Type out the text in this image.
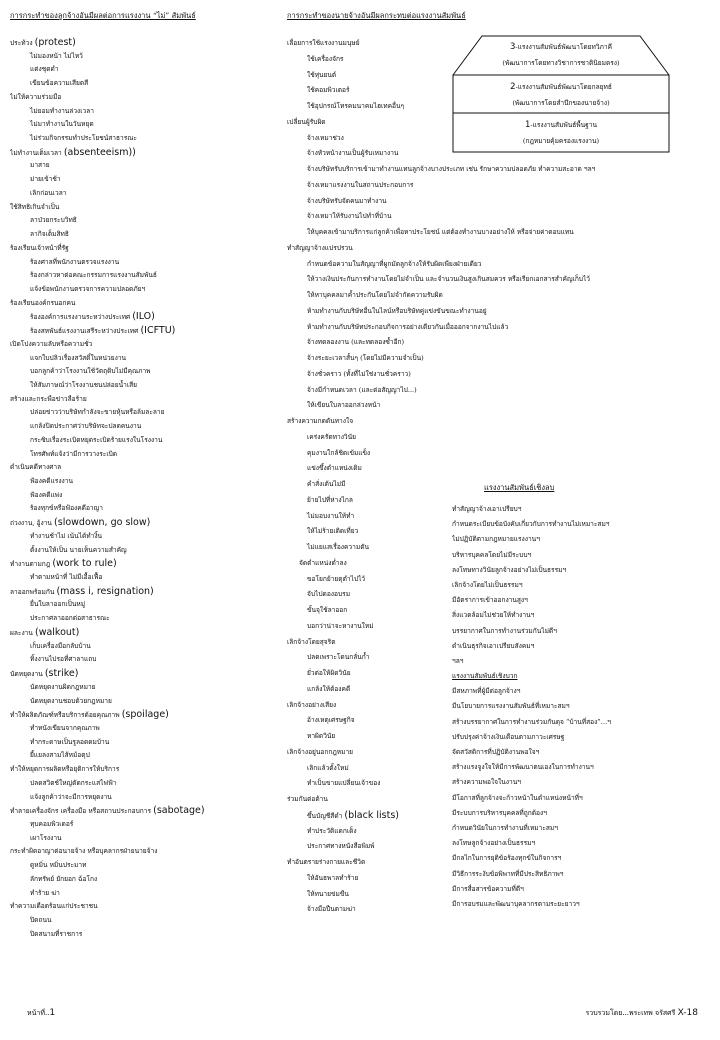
การกระทำของลูกจ้างอันมีผลต่อการแรงงาน “ไม่” สัมพันธ์
ประท้วง (protest)
ไม่มองหน้า ไม่ไหว้
แต่งชุดดำ
เขียนข้อความเสียดสี
ไม่ให้ความร่วมมือ
ไม่ยอมทำงานล่วงเวลา
ไม่มาทำงานในวันหยุด
ไม่ร่วมกิจกรรมทำประโยชน์สาธารณะ
ไม่ทำงานเต็มเวลา (absenteeism))
มาสาย
ม่ายเข้าช้า
เลิกก่อนเวลา
ใช้สิทธิเกินจำเป็น
ลาป่วยกระบวิทธิ
ลากิจเต็มสิทธิ
ร้องเรียนเจ้าหน้าที่รัฐ
ร้องศาลที่พนักงานตรวจแรงงาน
ร้องกล่าวหาต่อคณะกรรมการแรงงานสัมพันธ์
แจ้งข้อพนักงานตรวจการความปลอดภัยฯ
ร้องเรียนองค์กรนอกคน
ร้ององค์การแรงงานระหว่างประเทศ (ILO)
ร้องสหพันธ์แรงงานเสรีระหว่างประเทศ (ICFTU)
เปิดโปงความลับหรือความชั่ว
แจกใบปลิวเรื่องสวัสดิ์ในหน่วยงาน
บอกลูกค้าว่าโรงงานใช้วัตถุดิบไม่มีคุณภาพ
ให้สัมภาษณ์ว่าโรงงานชนปล่อยน้ำเสีย
สร้างและกระพือข่าวลือร้าย
ปล่อยข่าวว่าบริษัทกำลังจะขายหุ้นหรือล้มละลาย
แกล้งปิดประกาศว่าบริษัทจะปลดคนงาน
กระซิบเรื่องระเบิดหยุดระเบิดร้ายแรงในโรงงาน
โทรศัพท์แจ้งว่ามีการวางระเบิด
ดำเนินคดีทางศาล
ฟ้องคดีแรงงาน
ฟ้องคดีแพ่ง
ร้องทุกข์หรือฟ้องคดีอาญา
ถ่วงงาน, อู้งาน (slowdown, go slow)
ทำงานช้าไม่ เน้นได้ทำงิ้น
ตั้งงานให้เป็น นายเห็นความสำคัญ
ทำงานตามกฎ (work to rule)
ทำตามหน้าที่ ไม่มีเอื้อเฟื้อ
ลาออกพร้อมกัน (mass i, resignation)
ยื่นใบลาออกเป็นหมู่
ประกาศลาออกต่อสาธารณะ
ผละงาน (walkout)
เก็บเครื่องมือกลับบ้าน
ทิ้งงานไปรอที่ศาลาแถบ
นัดหยุดงาน (strike)
นัดหยุดงานผิดกฎหมาย
นัดหยุดงานชอบด้วยกฎหมาย
ทำให้ผลิตภัณฑ์หรือบริการด้อยคุณภาพ (spoilage)
ทำหนังเขียนจากคุณภาพ
ทำกระดาษเป็นรูลอดดมบ้าน
ยี้แยลงสามไส้หม้อตุป
ทำให้หยุดการผลิตหรือยุติการให้บริการ
ปลดสวิตช์ใหญ่ตัดกระแสไฟฟ้า
แจ้งลูกค้าว่าจะมีการหยุดงาน
ทำลายเครื่องจักร เครื่องมือ หรือสถานประกอบการ (sabotage)
ทุบคอมพิวเตอร์
เผาโรงงาน
กระทำผิดอาญาต่อนายจ้าง หรือบุคลากรฝ่ายนายจ้าง
ดูหมิ่น หมิ่นประมาท
ลักทรัพย์ ยักยอก ฉ้อโกง
ทำร้าย ฆ่า
ทำความเดือดร้อนแก่ประชาชน
ปิดถนน
ปิดสนามที่ราชการ
การกระทำของนายจ้างอันมีผลกระทบต่อแรงงานสัมพันธ์
เลื่อยการใช้แรงงานมนุษย์
ใช้เครื่องจักร
ใช้หุ่นยนต์
ใช้คอมพิวเตอร์
ใช้อุปกรณ์โทรคมนาคมไฮเทคอื่นๆ
เปลี่ยนผู้รับผิด
จ้างเหมาช่วง
จ้างหัวหน้างานเป็นผู้รับเหมางาน
จ้างบริษัทรับบริการเข้ามาทำงานแทนลูกจ้างบางประเภท เช่น รักษาความปลอดภัย ทำความสะอาด ฯลฯ
จ้างเหมาแรงงานในสถานประกอบการ
จ้างบริษัทรับจัดคนมาทำงาน
จ้างเหมาให้รับงานไปทำที่บ้าน
ให้บุคคลเข้ามาบริการแก่ลูกค้าเพื่อหาประโยชน์ แต่ต้องทำงานบางอย่างให้ หรือจ่ายค่าตอบแทน
ทำสัญญาจ้างแปรปรวน
กำหนดข้อความในสัญญาที่ผูกมัดลูกจ้างให้รับผิดเพียงฝ่ายเดียว
ให้วางเงินประกันการทำงานโดยไม่จำเป็น และจำนวนเงินสูงเกินสมควร หรือเรียกเอกสารสำคัญเก็บไว้
ให้หาบุคคลมาค้ำประกันโดยไม่จำกัดความรับผิด
ห้ามทำงานกับบริษัทอื่นในไลน์หรือบริษัทคู่แข่งขันขณะทำงานอยู่
ห้ามทำงานกับบริษัทประกอบกิจการอย่างเดียวกันเมื่อออกจากงานไปแล้ว
จ้างทดลองงาน (และทดลองซ้ำอีก)
จ้างระยะเวลาสั้นๆ (โดยไม่มีความจำเป็น)
จ้างชั่วคราว (ทั้งที่ไม่ใช่งานชั่วคราว)
จ้างมีกำหนดเวลา (และต่อสัญญาไป...)
ให้เขียนใบลาออกล่วงหน้า
สร้างความกดดันทางใจ
เคร่งครัดทางวินัย
คุมงานใกล้ชิดเข้มแข็ง
แข่งขึ้งตำแหน่งเดิม
คำสั่งเต้นไม่มี
ย้ายไปที่ห่างไกล
ไม่มอบงานให้ทำ
ให้ไม่ร้ายเติดเที่ยว
ไม่แยแสเรื่องความตัน
จัดตำแหน่งต่ำลง
ขอโยกย้ายตุตำไปไว้
จับไปดองอบรม
ขั้นจุใช้ลาออก
บอกว่าน่าจะหางานใหม่
เลิกจ้างโดยสุจริต
ปลดเพราะโดนกลั่นก้ำ
ยั่วต่อให้ผิดวินัย
แกล้งให้ต้องคดี
เลิกจ้างอย่างเสียง
อ้างเหตุเศรษฐกิจ
หาผิดวินัย
เลิกจ้างอยู่นอกกฎหมาย
เลิกแล้วตั้งใหม่
ทำเป็นขายแปลี่ยนเจ้าของ
ร่วมกันต่อต้าน
ขึ้นบัญชีสีดำ (black lists)
ทำประวัติแดกเด็ง
ประกาศทางหนังสือพิมพ์
ทำอันตรายร่างกายและชีวิต
ให้อันธพาลทำร้าย
ให้ทนายข่มขืน
จ้างมือปืนตามฆ่า
3-แรงงานสัมพันธ์พัฒนาโดยทวิภาคี
(พัฒนาการโดยทางวิชาการชาตินิยมตรง)
2-แรงงานสัมพันธ์พัฒนาโดยกลยุทธ์
(พัฒนาการโดยสำนึกของนายจ้าง)
1-แรงงานสัมพันธ์พื้นฐาน
(กฎหมายคุ้มครองแรงงาน)
แรงงานสัมพันธ์เชิงลบ
ทำสัญญาจ้างเอาเปรียบฯ
กำหนดระเบียบข้อบังคับเกี่ยวกับการทำงานไม่เหมาะสมฯ
ไม่ปฏิบัติตามกฎหมายแรงงานฯ
บริหารบุคคลโดยไม่มีระบบฯ
ลงโทษทางวินัยลูกจ้างอย่างไม่เป็นธรรมฯ
เลิกจ้างโดยไม่เป็นธรรมฯ
มีอัตราการเข้าออกงานสูงฯ
สิ่งแวดล้อมไม่ช่วยให้ทำงานฯ
บรรยากาศในการทำงานร่วมกันไม่ดีฯ
ดำเนินธุรกิจเอาเปรียบสังคมฯ
ฯลฯ
แรงงานสัมพันธ์เชิงบวก
มีสหภาพที่ผู้มีต่อลูกจ้างฯ
มีนโยบายการแรงงานสัมพันธ์ที่เหมาะสมฯ
สร้างบรรยากาศในการทำงานร่วมกันดุจ “บ้านที่สอง”…ฯ
ปรับปรุงค่าจ้างเงินเดือนตามภาวะเศรษฐ
จัดสวัสดิการที่ปฏิบัติงานพอใจฯ
สร้างแรงจูงใจให้มีการพัฒนาตนเองในการทำงานฯ
สร้างความพอใจในงานฯ
มีโอกาสที่ลูกจ้างจะก้าวหน้าในตำแหน่งหน้าที่ฯ
มีระบบการบริหารบุคคลที่ถูกต้องฯ
กำหนดวินัยในการทำงานที่เหมาะสมฯ
ลงโทษลูกจ้างอย่างเป็นธรรมฯ
มีกลไกในการยุติข้อร้องทุกข์ในกิจการฯ
มีวิธีการระงับข้อพิพาทที่มีประสิทธิภาพฯ
มีการสื่อสารข้อความที่ดีฯ
มีการอบรมและพัฒนาบุคลากรตามระยะยาวฯ
หน้าที่..1	รวบรวมโดย...พระเทพ จรัสศรี X-18
